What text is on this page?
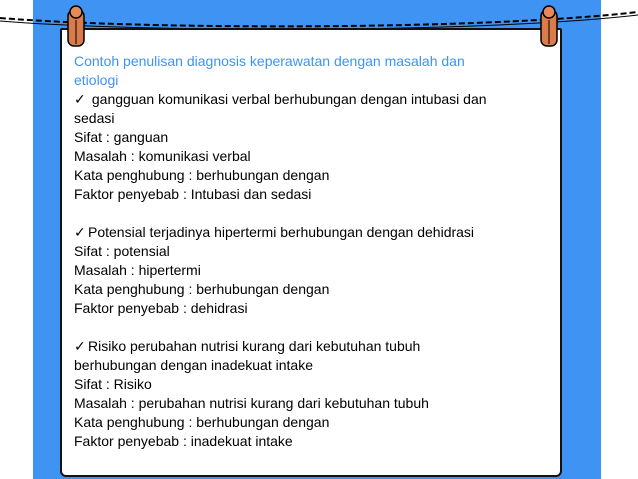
Contoh penulisan diagnosis keperawatan dengan masalah dan
etiologi
✓ gangguan komunikasi verbal berhubungan dengan intubasi dan
sedasi
Sifat : ganguan
Masalah : komunikasi verbal
Kata penghubung : berhubungan dengan
Faktor penyebab : Intubasi dan sedasi
✓ Potensial terjadinya hipertermi berhubungan dengan dehidrasi
Sifat : potensial
Masalah : hipertermi
Kata penghubung : berhubungan dengan
Faktor penyebab : dehidrasi
✓ Risiko perubahan nutrisi kurang dari kebutuhan tubuh
berhubungan dengan inadekuat intake
Sifat : Risiko
Masalah : perubahan nutrisi kurang dari kebutuhan tubuh
Kata penghubung : berhubungan dengan
Faktor penyebab : inadekuat intake
